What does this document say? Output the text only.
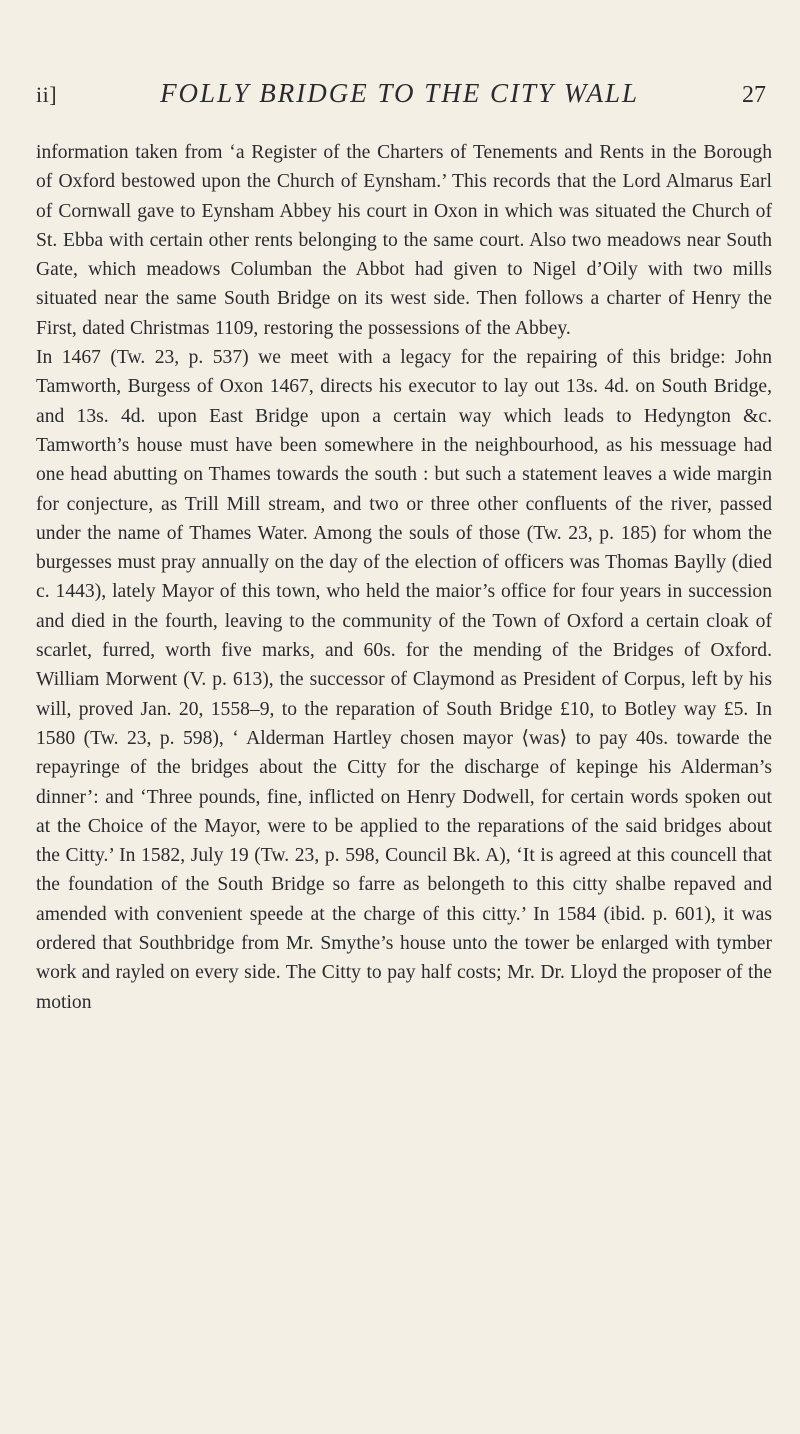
ii]	FOLLY BRIDGE TO THE CITY WALL	27

information taken from ‘a Register of the Charters of Tenements and Rents in the Borough of Oxford bestowed upon the Church of Eynsham.’ This records that the Lord Almarus Earl of Cornwall gave to Eynsham Abbey his court in Oxon in which was situated the Church of St. Ebba with certain other rents belonging to the same court. Also two meadows near South Gate, which meadows Columban the Abbot had given to Nigel d’Oily with two mills situated near the same South Bridge on its west side. Then follows a charter of Henry the First, dated Christmas 1109, restoring the possessions of the Abbey.

In 1467 (Tw. 23, p. 537) we meet with a legacy for the repairing of this bridge: John Tamworth, Burgess of Oxon 1467, directs his executor to lay out 13s. 4d. on South Bridge, and 13s. 4d. upon East Bridge upon a certain way which leads to Hedyngton &c. Tamworth’s house must have been somewhere in the neighbourhood, as his messuage had one head abutting on Thames towards the south : but such a statement leaves a wide margin for conjecture, as Trill Mill stream, and two or three other confluents of the river, passed under the name of Thames Water. Among the souls of those (Tw. 23, p. 185) for whom the burgesses must pray annually on the day of the election of officers was Thomas Baylly (died c. 1443), lately Mayor of this town, who held the maior’s office for four years in succession and died in the fourth, leaving to the community of the Town of Oxford a certain cloak of scarlet, furred, worth five marks, and 60s. for the mending of the Bridges of Oxford. William Morwent (V. p. 613), the successor of Claymond as President of Corpus, left by his will, proved Jan. 20, 1558–9, to the reparation of South Bridge £10, to Botley way £5. In 1580 (Tw. 23, p. 598), ‘ Alderman Hartley chosen mayor ⟨was⟩ to pay 40s. towarde the repayringe of the bridges about the Citty for the discharge of kepinge his Alderman’s dinner’: and ‘Three pounds, fine, inflicted on Henry Dodwell, for certain words spoken out at the Choice of the Mayor, were to be applied to the reparations of the said bridges about the Citty.’ In 1582, July 19 (Tw. 23, p. 598, Council Bk. A), ‘It is agreed at this councell that the foundation of the South Bridge so farre as belongeth to this citty shalbe repaved and amended with convenient speede at the charge of this citty.’ In 1584 (ibid. p. 601), it was ordered that Southbridge from Mr. Smythe’s house unto the tower be enlarged with tymber work and rayled on every side. The Citty to pay half costs; Mr. Dr. Lloyd the proposer of the motion
